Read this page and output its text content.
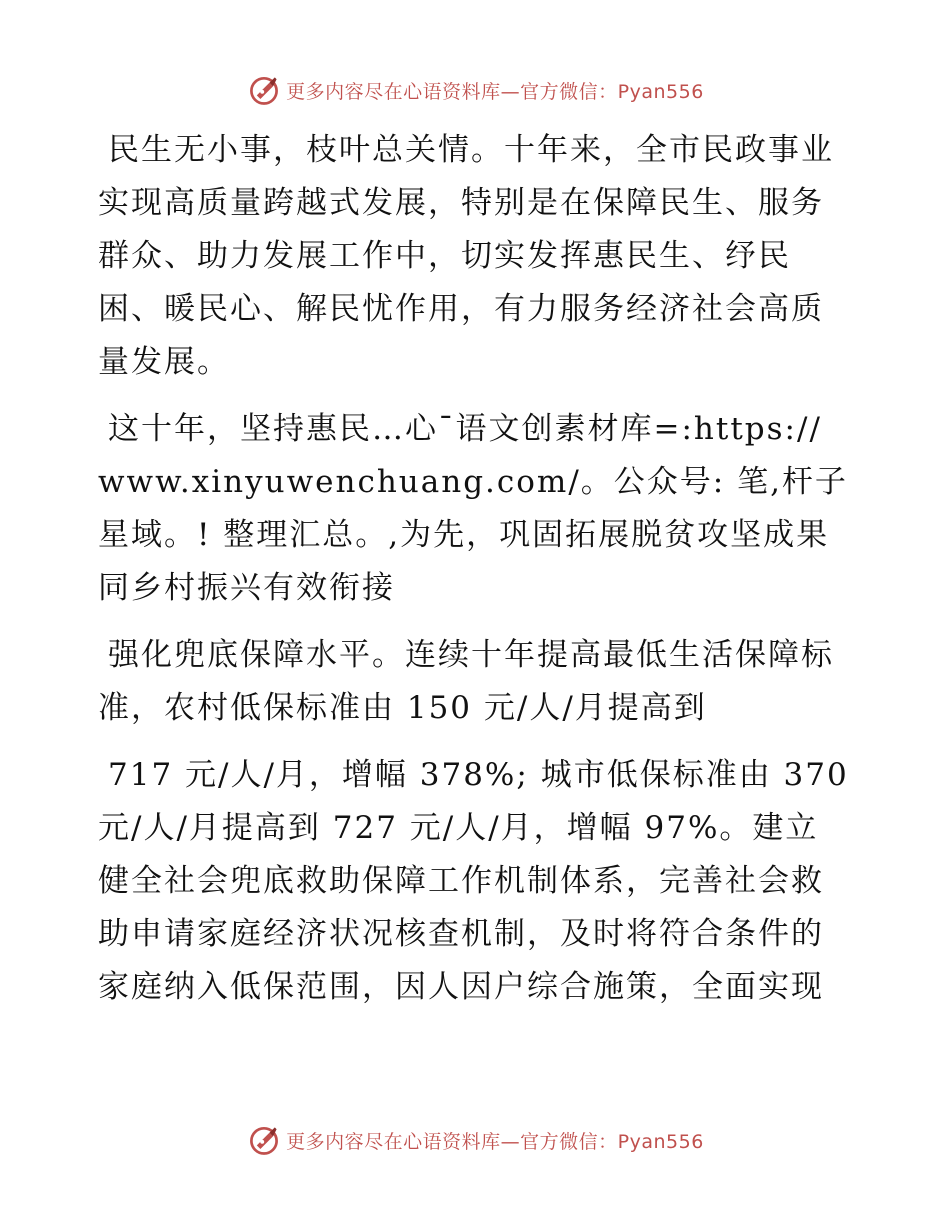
更多内容尽在心语资料库—官方微信：Pyan556

民生无小事，枝叶总关情。十年来，全市民政事业实现高质量跨越式发展，特别是在保障民生、服务群众、助力发展工作中，切实发挥惠民生、纾民困、暖民心、解民忧作用，有力服务经济社会高质量发展。

这十年，坚持惠民…心¯语文创素材库=:https://www.xinyuwenchuang.com/。公众号: 笔,杆子星域。! 整理汇总。,为先，巩固拓展脱贫攻坚成果同乡村振兴有效衔接

强化兜底保障水平。连续十年提高最低生活保障标准，农村低保标准由 150 元/人/月提高到

717 元/人/月，增幅 378%; 城市低保标准由 370 元/人/月提高到 727 元/人/月，增幅 97%。建立健全社会兜底救助保障工作机制体系，完善社会救助申请家庭经济状况核查机制，及时将符合条件的家庭纳入低保范围，因人因户综合施策，全面实现

更多内容尽在心语资料库—官方微信：Pyan556
